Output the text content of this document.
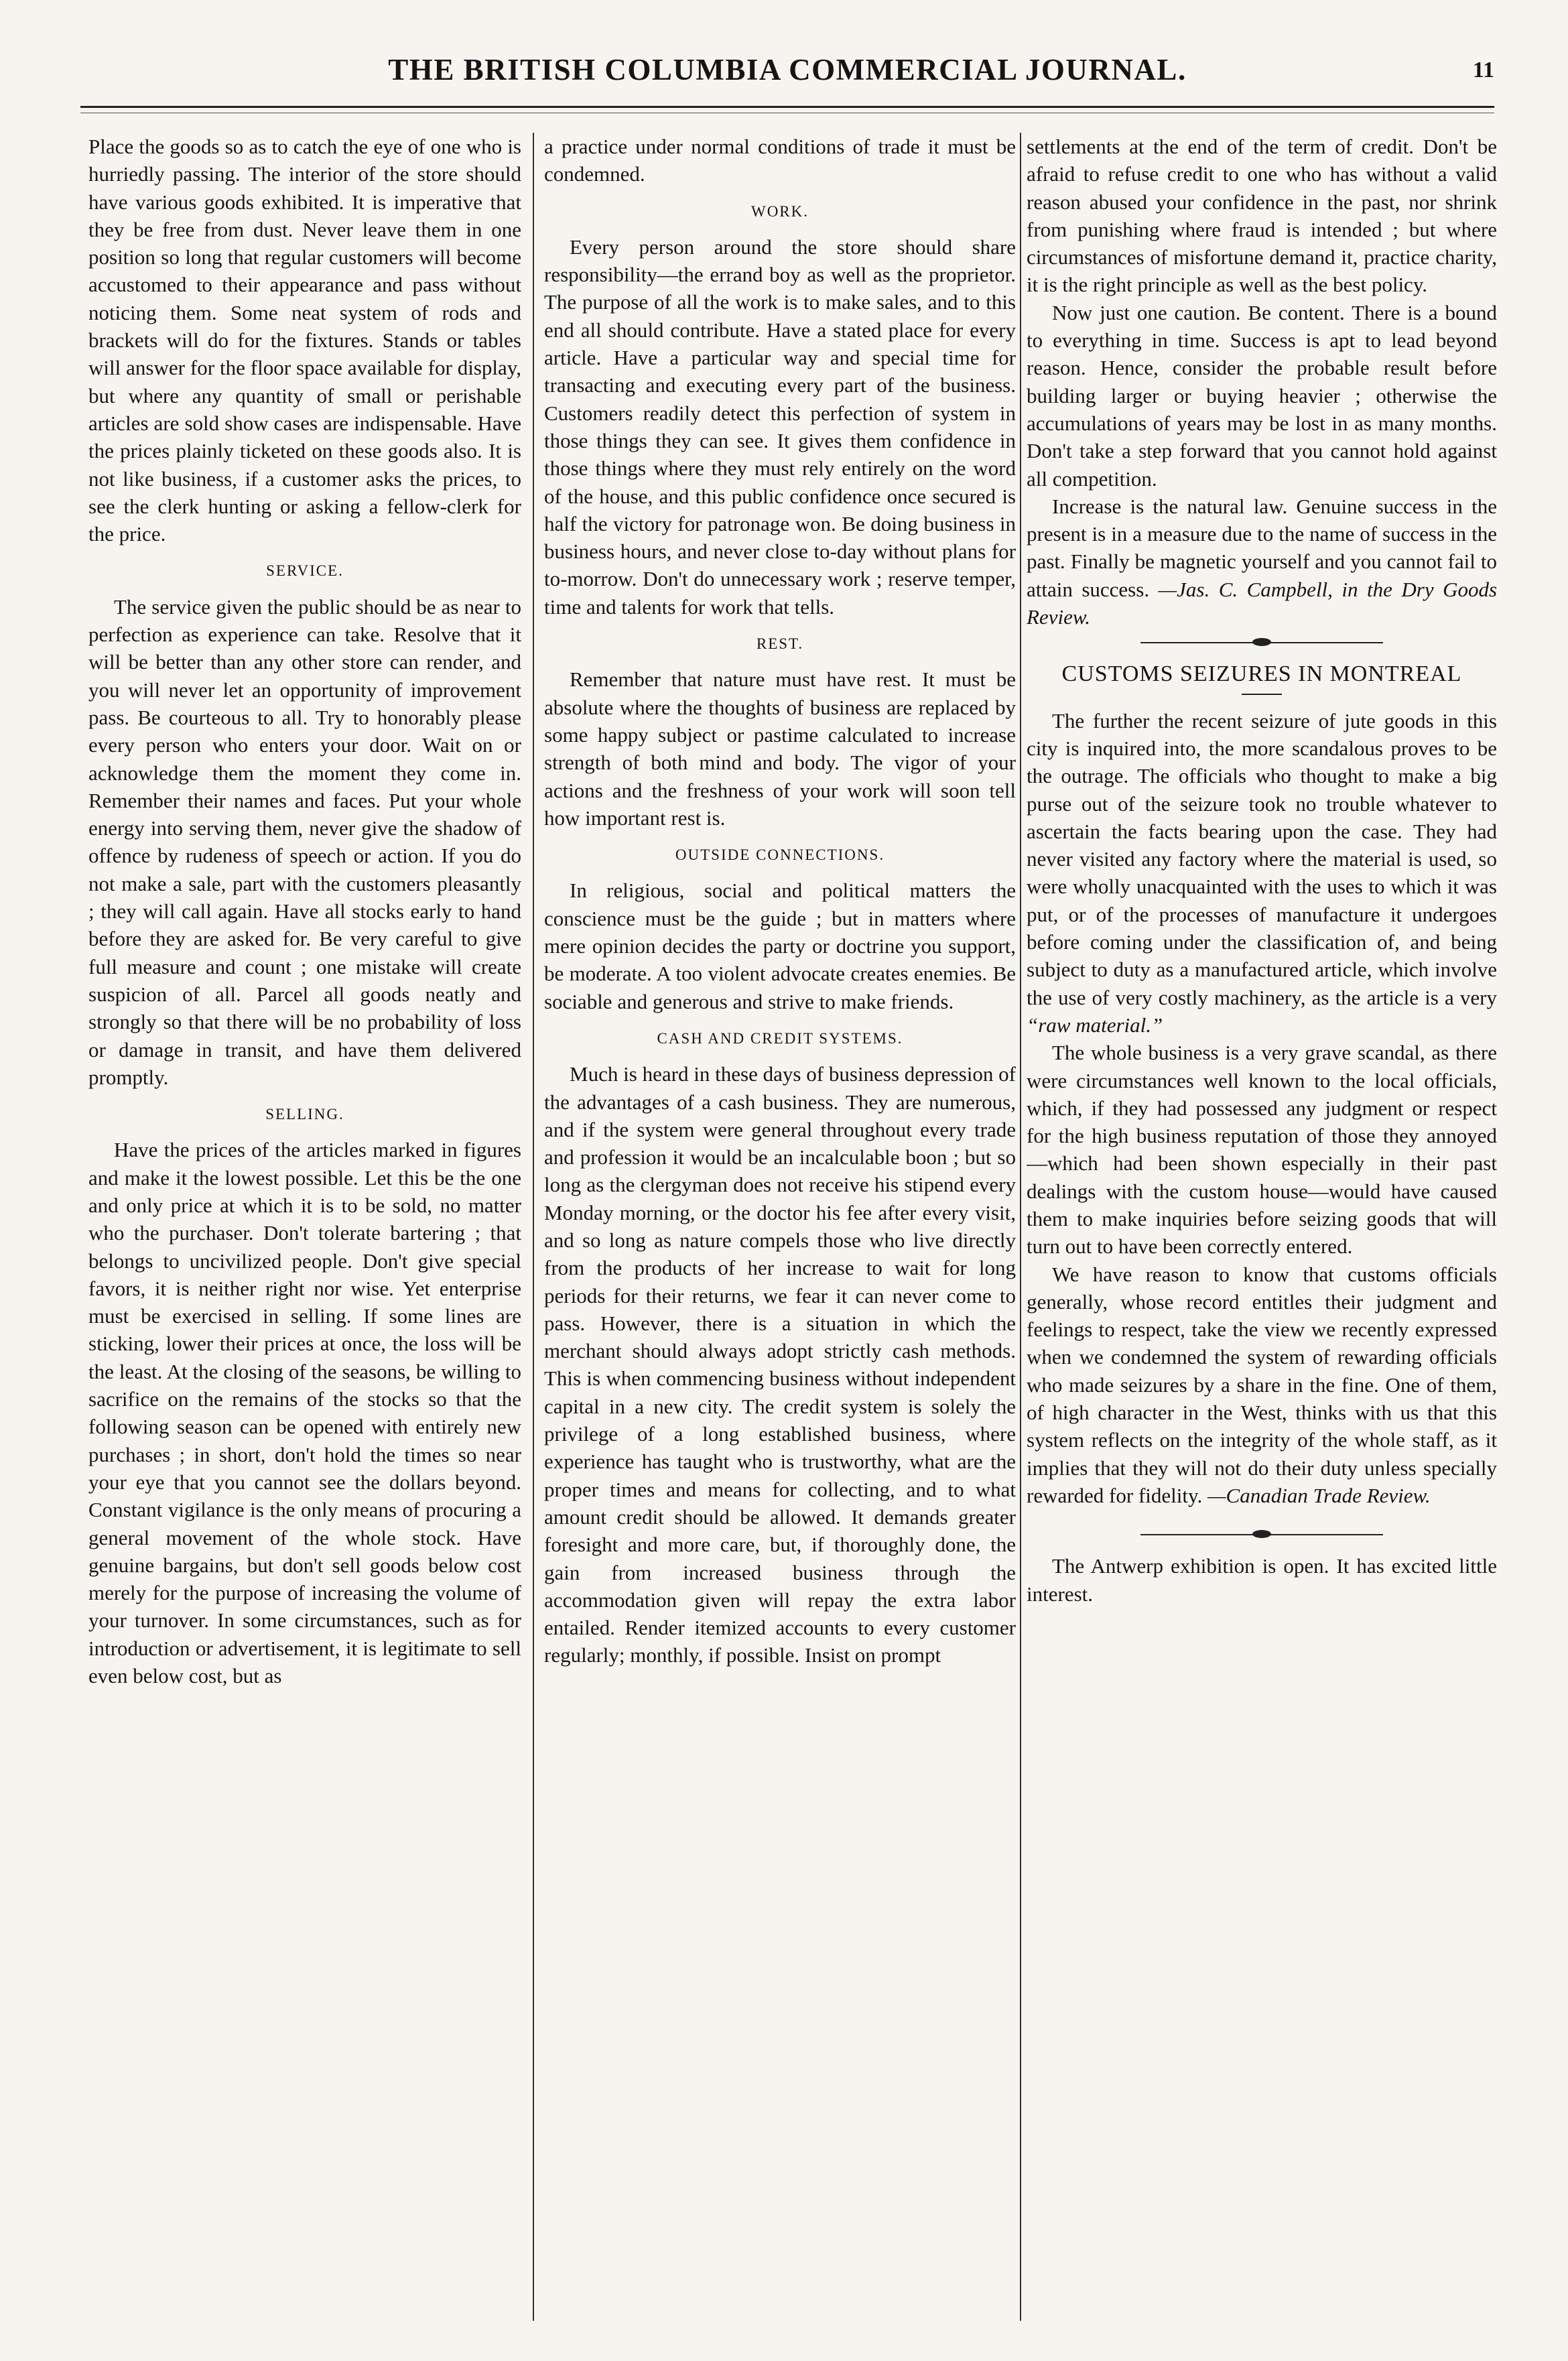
THE BRITISH COLUMBIA COMMERCIAL JOURNAL.	11

Place the goods so as to catch the eye of one who is hurriedly passing. The interior of the store should have various goods exhibited. It is imperative that they be free from dust. Never leave them in one position so long that regular customers will become accustomed to their appearance and pass without noticing them. Some neat system of rods and brackets will do for the fixtures. Stands or tables will answer for the floor space available for display, but where any quantity of small or perishable articles are sold show cases are indispensable. Have the prices plainly ticketed on these goods also. It is not like business, if a customer asks the prices, to see the clerk hunting or asking a fellow-clerk for the price.

SERVICE.

The service given the public should be as near to perfection as experience can take. Resolve that it will be better than any other store can render, and you will never let an opportunity of improvement pass. Be courteous to all. Try to honorably please every person who enters your door. Wait on or acknowledge them the moment they come in. Remember their names and faces. Put your whole energy into serving them, never give the shadow of offence by rudeness of speech or action. If you do not make a sale, part with the customers pleasantly ; they will call again. Have all stocks early to hand before they are asked for. Be very careful to give full measure and count ; one mistake will create suspicion of all. Parcel all goods neatly and strongly so that there will be no probability of loss or damage in transit, and have them delivered promptly.

SELLING.

Have the prices of the articles marked in figures and make it the lowest possible. Let this be the one and only price at which it is to be sold, no matter who the purchaser. Don't tolerate bartering ; that belongs to uncivilized people. Don't give special favors, it is neither right nor wise. Yet enterprise must be exercised in selling. If some lines are sticking, lower their prices at once, the loss will be the least. At the closing of the seasons, be willing to sacrifice on the remains of the stocks so that the following season can be opened with entirely new purchases ; in short, don't hold the times so near your eye that you cannot see the dollars beyond. Constant vigilance is the only means of procuring a general movement of the whole stock. Have genuine bargains, but don't sell goods below cost merely for the purpose of increasing the volume of your turnover. In some circumstances, such as for introduction or advertisement, it is legitimate to sell even below cost, but as

a practice under normal conditions of trade it must be condemned.

WORK.

Every person around the store should share responsibility—the errand boy as well as the proprietor. The purpose of all the work is to make sales, and to this end all should contribute. Have a stated place for every article. Have a particular way and special time for transacting and executing every part of the business. Customers readily detect this perfection of system in those things they can see. It gives them confidence in those things where they must rely entirely on the word of the house, and this public confidence once secured is half the victory for patronage won. Be doing business in business hours, and never close to-day without plans for to-morrow. Don't do unnecessary work ; reserve temper, time and talents for work that tells.

REST.

Remember that nature must have rest. It must be absolute where the thoughts of business are replaced by some happy subject or pastime calculated to increase strength of both mind and body. The vigor of your actions and the freshness of your work will soon tell how important rest is.

OUTSIDE CONNECTIONS.

In religious, social and political matters the conscience must be the guide ; but in matters where mere opinion decides the party or doctrine you support, be moderate. A too violent advocate creates enemies. Be sociable and generous and strive to make friends.

CASH AND CREDIT SYSTEMS.

Much is heard in these days of business depression of the advantages of a cash business. They are numerous, and if the system were general throughout every trade and profession it would be an incalculable boon ; but so long as the clergyman does not receive his stipend every Monday morning, or the doctor his fee after every visit, and so long as nature compels those who live directly from the products of her increase to wait for long periods for their returns, we fear it can never come to pass. However, there is a situation in which the merchant should always adopt strictly cash methods. This is when commencing business without independent capital in a new city. The credit system is solely the privilege of a long established business, where experience has taught who is trustworthy, what are the proper times and means for collecting, and to what amount credit should be allowed. It demands greater foresight and more care, but, if thoroughly done, the gain from increased business through the accommodation given will repay the extra labor entailed. Render itemized accounts to every customer regularly; monthly, if possible. Insist on prompt

settlements at the end of the term of credit. Don't be afraid to refuse credit to one who has without a valid reason abused your confidence in the past, nor shrink from punishing where fraud is intended ; but where circumstances of misfortune demand it, practice charity, it is the right principle as well as the best policy.

Now just one caution. Be content. There is a bound to everything in time. Success is apt to lead beyond reason. Hence, consider the probable result before building larger or buying heavier ; otherwise the accumulations of years may be lost in as many months. Don't take a step forward that you cannot hold against all competition.

Increase is the natural law. Genuine success in the present is in a measure due to the name of success in the past. Finally be magnetic yourself and you cannot fail to attain success. —Jas. C. Campbell, in the Dry Goods Review.

CUSTOMS SEIZURES IN MONTREAL

The further the recent seizure of jute goods in this city is inquired into, the more scandalous proves to be the outrage. The officials who thought to make a big purse out of the seizure took no trouble whatever to ascertain the facts bearing upon the case. They had never visited any factory where the material is used, so were wholly unacquainted with the uses to which it was put, or of the processes of manufacture it undergoes before coming under the classification of, and being subject to duty as a manufactured article, which involve the use of very costly machinery, as the article is a very “raw material.”

The whole business is a very grave scandal, as there were circumstances well known to the local officials, which, if they had possessed any judgment or respect for the high business reputation of those they annoyed—which had been shown especially in their past dealings with the custom house—would have caused them to make inquiries before seizing goods that will turn out to have been correctly entered.

We have reason to know that customs officials generally, whose record entitles their judgment and feelings to respect, take the view we recently expressed when we condemned the system of rewarding officials who made seizures by a share in the fine. One of them, of high character in the West, thinks with us that this system reflects on the integrity of the whole staff, as it implies that they will not do their duty unless specially rewarded for fidelity. —Canadian Trade Review.

The Antwerp exhibition is open. It has excited little interest.
